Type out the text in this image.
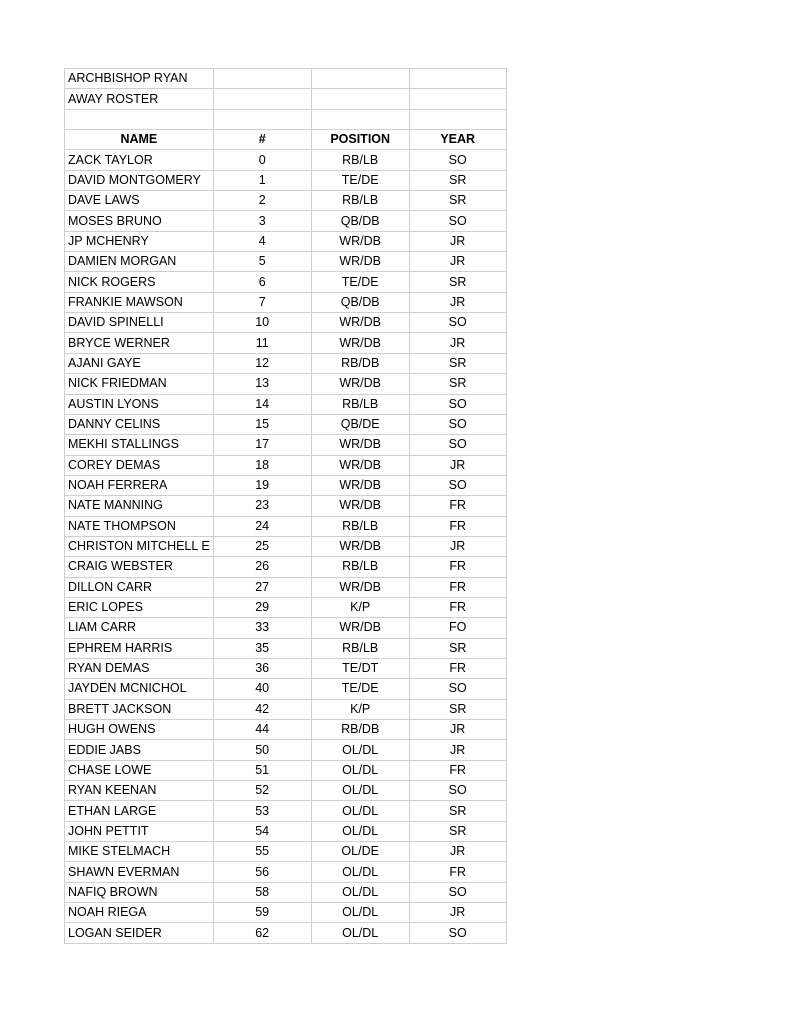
ARCHBISHOP RYAN			
AWAY ROSTER			

NAME	#	POSITION	YEAR
ZACK TAYLOR	0	RB/LB	SO
DAVID MONTGOMERY	1	TE/DE	SR
DAVE LAWS	2	RB/LB	SR
MOSES BRUNO	3	QB/DB	SO
JP MCHENRY	4	WR/DB	JR
DAMIEN MORGAN	5	WR/DB	JR
NICK ROGERS	6	TE/DE	SR
FRANKIE MAWSON	7	QB/DB	JR
DAVID SPINELLI	10	WR/DB	SO
BRYCE WERNER	11	WR/DB	JR
AJANI GAYE	12	RB/DB	SR
NICK FRIEDMAN	13	WR/DB	SR
AUSTIN LYONS	14	RB/LB	SO
DANNY CELINS	15	QB/DE	SO
MEKHI STALLINGS	17	WR/DB	SO
COREY DEMAS	18	WR/DB	JR
NOAH FERRERA	19	WR/DB	SO
NATE MANNING	23	WR/DB	FR
NATE THOMPSON	24	RB/LB	FR
CHRISTON MITCHELL E	25	WR/DB	JR
CRAIG WEBSTER	26	RB/LB	FR
DILLON CARR	27	WR/DB	FR
ERIC LOPES	29	K/P	FR
LIAM CARR	33	WR/DB	FO
EPHREM HARRIS	35	RB/LB	SR
RYAN DEMAS	36	TE/DT	FR
JAYDEN MCNICHOL	40	TE/DE	SO
BRETT JACKSON	42	K/P	SR
HUGH OWENS	44	RB/DB	JR
EDDIE JABS	50	OL/DL	JR
CHASE LOWE	51	OL/DL	FR
RYAN KEENAN	52	OL/DL	SO
ETHAN LARGE	53	OL/DL	SR
JOHN PETTIT	54	OL/DL	SR
MIKE STELMACH	55	OL/DE	JR
SHAWN EVERMAN	56	OL/DL	FR
NAFIQ BROWN	58	OL/DL	SO
NOAH RIEGA	59	OL/DL	JR
LOGAN SEIDER	62	OL/DL	SO
